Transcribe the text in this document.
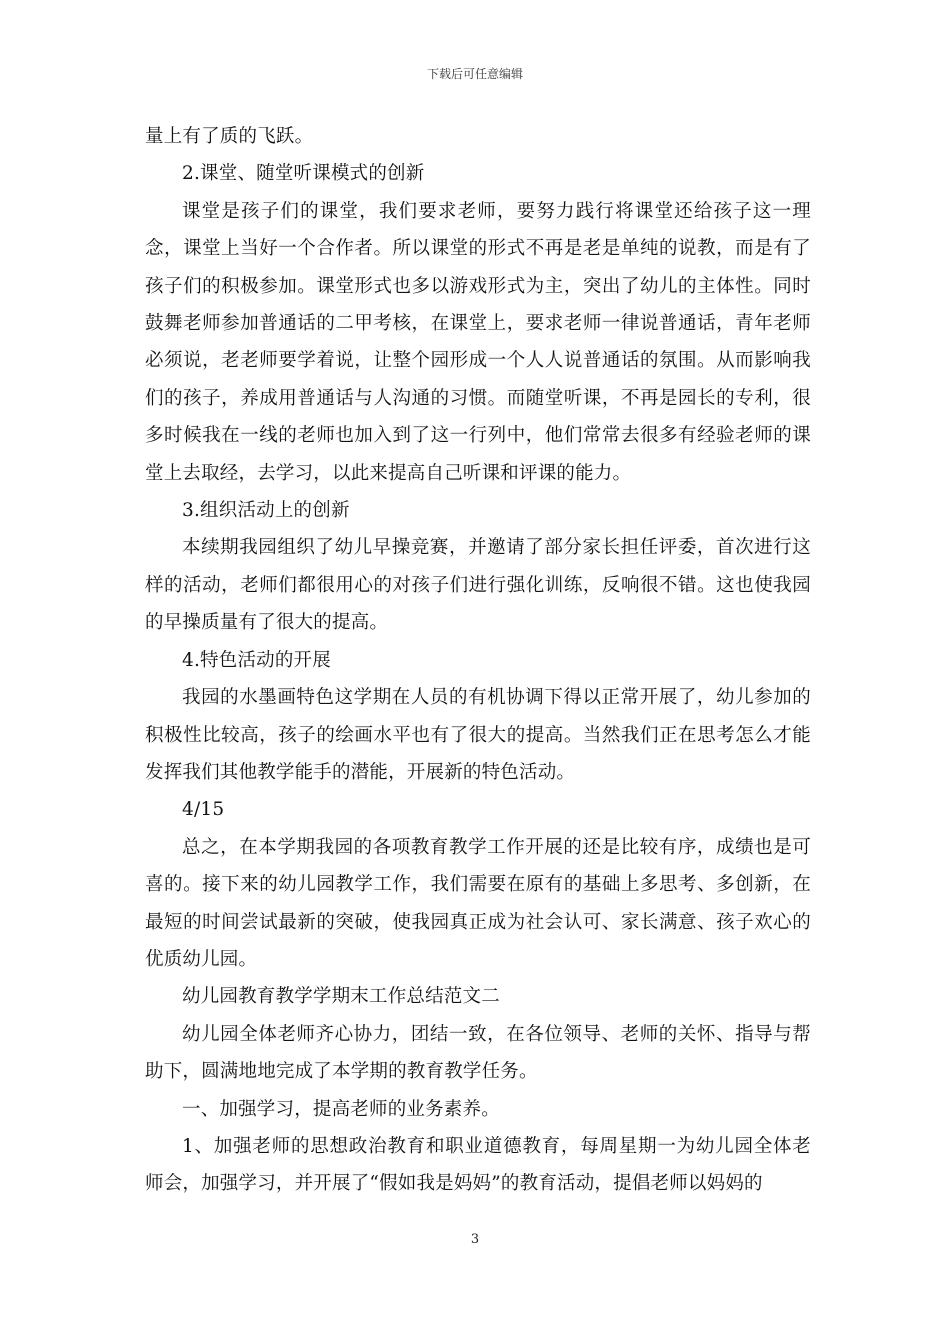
下载后可任意编辑

量上有了质的飞跃。

2.课堂、随堂听课模式的创新

课堂是孩子们的课堂，我们要求老师，要努力践行将课堂还给孩子这一理念，课堂上当好一个合作者。所以课堂的形式不再是老是单纯的说教，而是有了孩子们的积极参加。课堂形式也多以游戏形式为主，突出了幼儿的主体性。同时鼓舞老师参加普通话的二甲考核，在课堂上，要求老师一律说普通话，青年老师必须说，老老师要学着说，让整个园形成一个人人说普通话的氛围。从而影响我们的孩子，养成用普通话与人沟通的习惯。而随堂听课，不再是园长的专利，很多时候我在一线的老师也加入到了这一行列中，他们常常去很多有经验老师的课堂上去取经，去学习，以此来提高自己听课和评课的能力。

3.组织活动上的创新

本续期我园组织了幼儿早操竞赛，并邀请了部分家长担任评委，首次进行这样的活动，老师们都很用心的对孩子们进行强化训练，反响很不错。这也使我园的早操质量有了很大的提高。

4.特色活动的开展

我园的水墨画特色这学期在人员的有机协调下得以正常开展了，幼儿参加的积极性比较高，孩子的绘画水平也有了很大的提高。当然我们正在思考怎么才能发挥我们其他教学能手的潜能，开展新的特色活动。

4/15

总之，在本学期我园的各项教育教学工作开展的还是比较有序，成绩也是可喜的。接下来的幼儿园教学工作，我们需要在原有的基础上多思考、多创新，在最短的时间尝试最新的突破，使我园真正成为社会认可、家长满意、孩子欢心的优质幼儿园。

幼儿园教育教学学期末工作总结范文二

幼儿园全体老师齐心协力，团结一致，在各位领导、老师的关怀、指导与帮助下，圆满地地完成了本学期的教育教学任务。

一、加强学习，提高老师的业务素养。

1、加强老师的思想政治教育和职业道德教育，每周星期一为幼儿园全体老师会，加强学习，并开展了“假如我是妈妈”的教育活动，提倡老师以妈妈的

3
